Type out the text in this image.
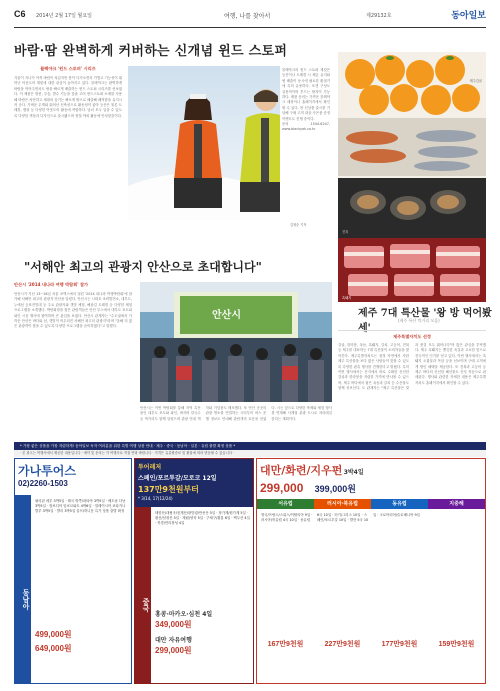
C6 2014년 2월 17일 월요일	여행, 나를 찾아서	제29132호	동아일보
바람·땀 완벽하게 커버하는 신개념 윈드 스토퍼
블랙야크 '윈드 스토퍼' 시리즈
겨울이 지나가 아직 바람이 차갑지만 봄이 다가오면서 가볍고 기능성이 뛰어난 아웃도어 재킷에 대한 관심이 높아지고 있다. 블랙야크는 완벽하게 바람을 막아주면서도 땀을 빠르게 배출하는 윈드 스토퍼 시리즈를 선보였다. 이 제품은 방풍, 투습, 발수 기능을 갖춘 고어 윈드스토퍼 소재를 사용해 바람은 차단하고 체내의 습기는 빠르게 밖으로 배출해 쾌적함을 유지시켜 준다. 가벼운 무게와 뛰어난 신축성으로 활동성이 좋아 등산은 물론 트레킹, 캠핑 등 다양한 아웃도어 활동에 적합하다. 남녀 모두 입을 수 있도록 다양한 색상과 디자인으로 출시됐으며 봄철 야외 활동에 안성맞춤이다.
블랙야크의 윈드 스토퍼 재킷은 등산이나 트레킹 시 체온 유지와 땀 배출이 동시에 필요한 환절기에 특히 유용하다. 포켓 구성도 실용적이며 후드는 탈착이 가능하다. 제품 문의는 가까운 블랙야크 매장이나 홈페이지에서 확인할 수 있다. 봄 신상품 출시를 기념해 구매 고객 대상 사은품 증정 이벤트도 진행 중이다.
문의 1544-6247, www.blackyak.co.kr
김정순 기자
제주감귤
전복
흑돼지
"서해안 최고의 관광지 안산으로 초대합니다"
안산시 '2014 내나라 여행 박람회' 참가
안산시가 지난 13~16일 서울 코엑스에서 열린 '2014 내나라 여행박람회'에 참가해 서해안 최고의 관광지 안산을 알렸다. 안산시는 시화호 조력발전소, 대부도, 누에섬 등표전망대 등 주요 관광지와 갯벌 체험, 해솔길 트레킹 등 다양한 체험 프로그램을 소개했다. 박람회장을 찾은 관람객들은 안산 부스에서 대부도 포도와 와인 시음 행사에 참여하며 큰 관심을 보였다. 안산시 관계자는 "수도권에서 가까운 안산은 바다와 섬, 갯벌이 어우러진 서해안 최고의 관광지"라며 "올해 더 많은 관광객이 찾을 수 있도록 다양한 프로그램을 준비하겠다"고 말했다.
안산시
안산시는 이번 박람회를 통해 지역 특산물인 대부도 포도와 와인, 바지락 칼국수 등 먹거리도 함께 알렸으며 관광 안내 책자와 기념품도 배포했다. 또 안산 곳곳의 관광 명소를 연결하는 시티투어 버스 운행 정보도 안내해 관람객의 호응을 얻었다. 시는 앞으로 다양한 축제와 체험 행사를 연계해 사계절 관광 도시로 자리매김한다는 계획이다.
제주 7대 특산물 '왕 방 먹어봤세'
(제주 특산 먹거리 모음)
제주특별자치도 선정
감귤, 한라봉, 옥돔, 흑돼지, 갈치, 고등어, 전복 등 제주를 대표하는 7대 특산물이 소비자들을 찾아간다. 제주특별자치도는 청정 자연에서 자란 제주 특산물을 보다 많은 사람들이 맛볼 수 있도록 다양한 판촉 행사를 진행한다고 밝혔다. 특히 이번 행사에서는 산지에서 바로 수확한 신선한 감귤과 한라봉을 저렴한 가격에 만나볼 수 있으며, 제주 바다에서 잡은 옥돔과 갈치 등 수산물도 함께 선보인다. 도 관계자는 "제주 특산물은 맛과 품질 모두 뛰어나다"며 많은 관심을 부탁했다. 제주 흑돼지는 쫄깃한 육질과 고소한 맛으로 전국적인 인기를 얻고 있다. 이번 행사에서는 흑돼지 오겹살과 목살 등을 선보이며 구매 고객에게 할인 혜택을 제공한다. 또 전복과 고등어 등 제주 바다의 신선한 해산물도 산지 직송으로 판매된다. 행사와 관련한 자세한 내용은 제주특별자치도 홈페이지에서 확인할 수 있다.
* 가장 좋은 상품을 가장 저렴하게! 동아일보 독자 여러분을 위한 특별 여행 상품 안내 · 제주 · 중국 · 동남아 · 일본 · 유럽 출발 확정 상품 *
· 본 광고는 여행사에서 제공한 내용입니다 · 예약 및 문의는 각 여행사로 직접 연락 바랍니다 · 가격은 유류할증료 및 환율에 따라 변동될 수 있습니다 ·
가나투어스
02)2260-1503
동남아
필리핀 세부 3박5일 · 태국 방콕/파타야 3박5일 · 베트남 다낭 3박5일 · 캄보디아 앙코르와트 4박6일 · 말레이시아 코타키나발루 3박5일 · 발리 3박5일 골프/허니문 특가 상품 출발 확정
499,000원
649,000원
투어레저
스페인/포르투갈/모로코 12일
137만9천원부터
* 3/14, 17(12/24)
중국
태항산/대협곡/천계산/왕망령/만선산 5일 · 장가계/원가계 5일 · 황산/삼청산 5일 · 계림/양삭 5일 · 구채구/황룡 6일 · 백두산 4일 · 북경/만리장성 4일
홍콩·마카오·심천 4일
349,000원
대만 자유여행
299,000원
대만/화련/지우펀 3박4일
299,000 399,000원
서유럽	러시아·북유럽	동유럽	지중해
영국/프랑스/스위스/이탈리아 9일 · 러시아/북유럽 4국 10일 · 동유럽 6국 10일 · 터키/그리스 10일 · 스페인/포르투갈 10일 · 발칸 5국 10일 · 크로아티아/슬로베니아 9일
167만9천원	227만9천원	177만9천원	159만9천원
